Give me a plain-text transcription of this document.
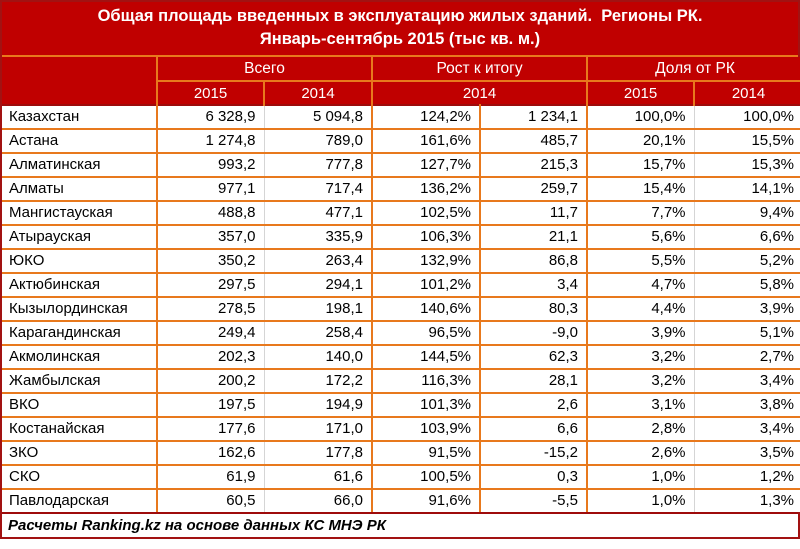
Общая площадь введенных в эксплуатацию жилых зданий.  Регионы РК.
Январь-сентябрь 2015 (тыс кв. м.)
	Всего		Рост к итогу		Доля от РК	
	2015	2014	2014		2015	2014
Казахстан	6 328,9	5 094,8	124,2%	1 234,1	100,0%	100,0%
Астана	1 274,8	789,0	161,6%	485,7	20,1%	15,5%
Алматинская	993,2	777,8	127,7%	215,3	15,7%	15,3%
Алматы	977,1	717,4	136,2%	259,7	15,4%	14,1%
Мангистауская	488,8	477,1	102,5%	11,7	7,7%	9,4%
Атырауская	357,0	335,9	106,3%	21,1	5,6%	6,6%
ЮКО	350,2	263,4	132,9%	86,8	5,5%	5,2%
Актюбинская	297,5	294,1	101,2%	3,4	4,7%	5,8%
Кызылординская	278,5	198,1	140,6%	80,3	4,4%	3,9%
Карагандинская	249,4	258,4	96,5%	-9,0	3,9%	5,1%
Акмолинская	202,3	140,0	144,5%	62,3	3,2%	2,7%
Жамбылская	200,2	172,2	116,3%	28,1	3,2%	3,4%
ВКО	197,5	194,9	101,3%	2,6	3,1%	3,8%
Костанайская	177,6	171,0	103,9%	6,6	2,8%	3,4%
ЗКО	162,6	177,8	91,5%	-15,2	2,6%	3,5%
СКО	61,9	61,6	100,5%	0,3	1,0%	1,2%
Павлодарская	60,5	66,0	91,6%	-5,5	1,0%	1,3%
Расчеты Ranking.kz на основе данных КС МНЭ РК
